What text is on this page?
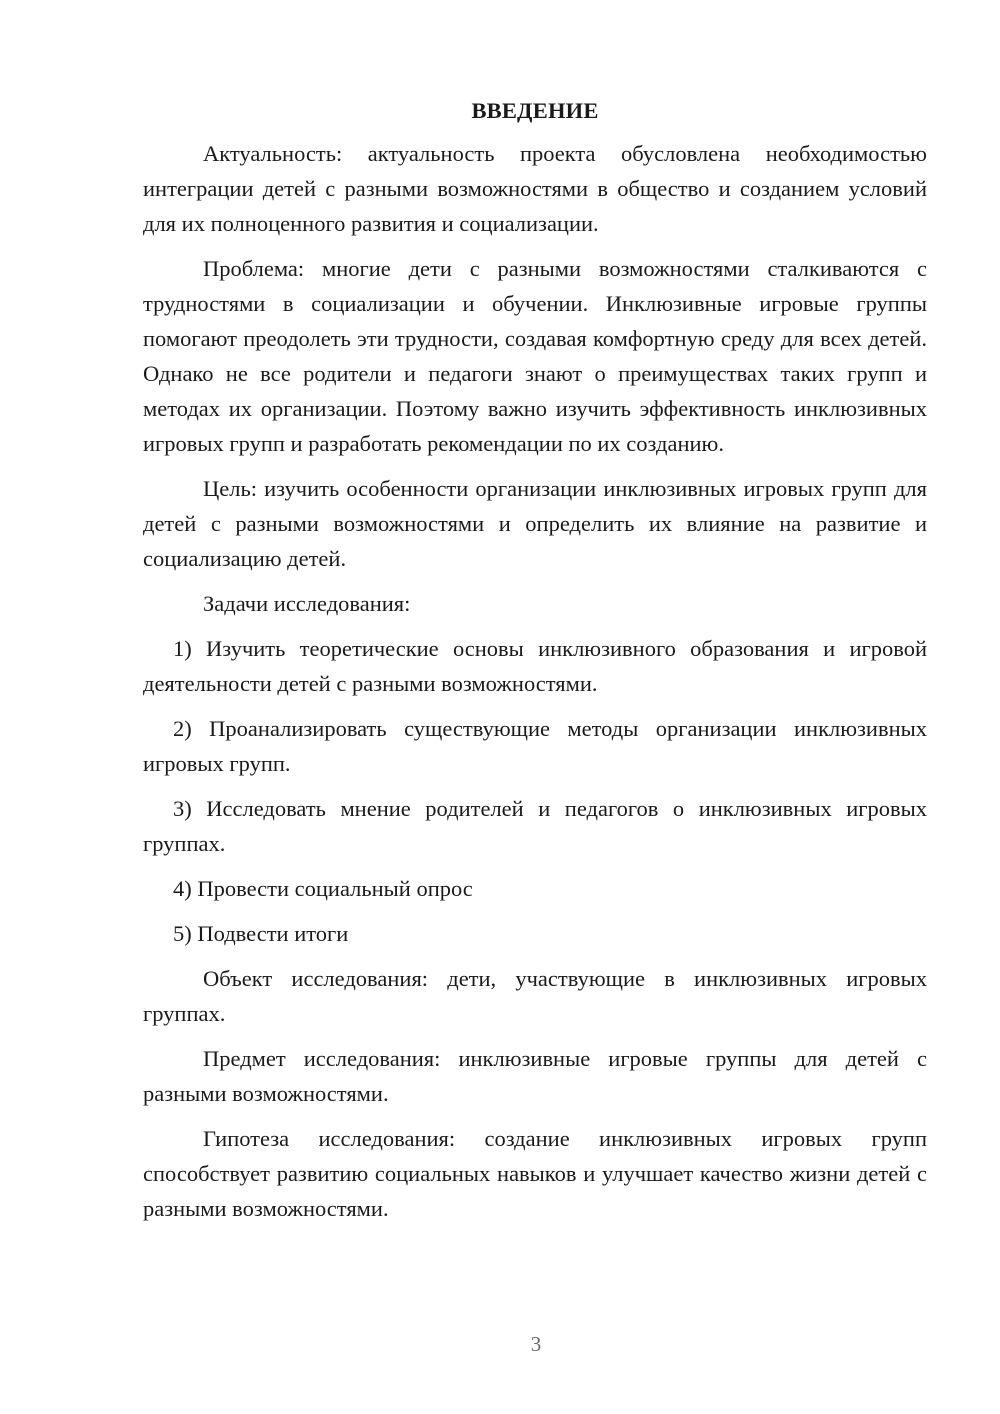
ВВЕДЕНИЕ

Актуальность: актуальность проекта обусловлена необходимостью интеграции детей с разными возможностями в общество и созданием условий для их полноценного развития и социализации.

Проблема: многие дети с разными возможностями сталкиваются с трудностями в социализации и обучении. Инклюзивные игровые группы помогают преодолеть эти трудности, создавая комфортную среду для всех детей. Однако не все родители и педагоги знают о преимуществах таких групп и методах их организации. Поэтому важно изучить эффективность инклюзивных игровых групп и разработать рекомендации по их созданию.

Цель: изучить особенности организации инклюзивных игровых групп для детей с разными возможностями и определить их влияние на развитие и социализацию детей.

Задачи исследования:

1) Изучить теоретические основы инклюзивного образования и игровой деятельности детей с разными возможностями.

2) Проанализировать существующие методы организации инклюзивных игровых групп.

3) Исследовать мнение родителей и педагогов о инклюзивных игровых группах.

4) Провести социальный опрос

5) Подвести итоги

Объект исследования: дети, участвующие в инклюзивных игровых группах.

Предмет исследования: инклюзивные игровые группы для детей с разными возможностями.

Гипотеза исследования: создание инклюзивных игровых групп способствует развитию социальных навыков и улучшает качество жизни детей с разными возможностями.

3
